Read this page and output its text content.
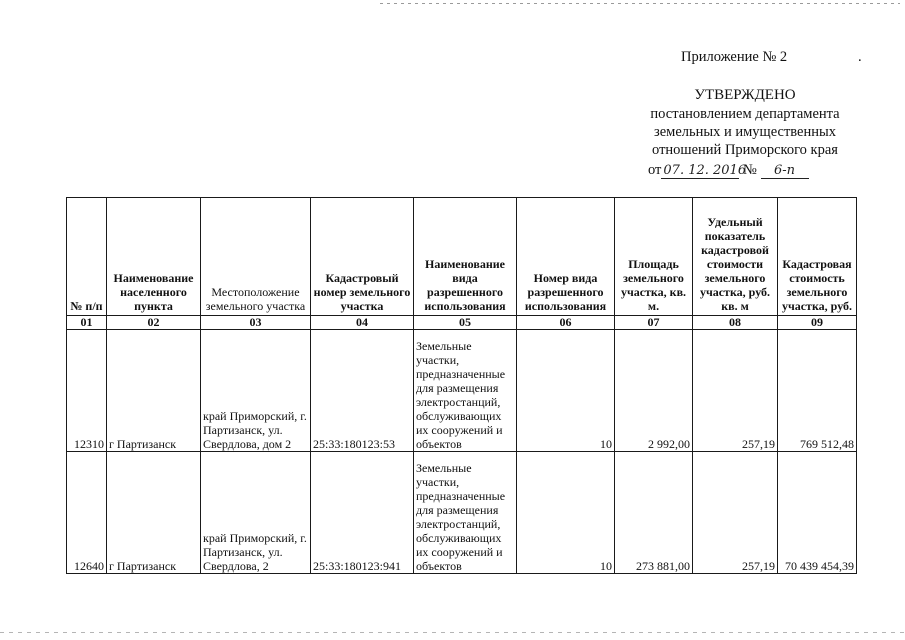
Приложение № 2	.
УТВЕРЖДЕНО
постановлением департамента
земельных и имущественных
отношений Приморского края
от 07. 12. 2016 № 6-п
№ п/п	Наименование населенного пункта	Местоположение земельного участка	Кадастровый номер земельного участка	Наименование вида разрешенного использования	Номер вида разрешенного использования	Площадь земельного участка, кв. м.	Удельный показатель кадастровой стоимости земельного участка, руб. кв. м	Кадастровая стоимость земельного участка, руб.
01	02	03	04	05	06	07	08	09
12310	г Партизанск	край Приморский, г. Партизанск, ул. Свердлова, дом 2	25:33:180123:53	Земельные участки, предназначенные для размещения электростанций, обслуживающих их сооружений и объектов	10	2 992,00	257,19	769 512,48
12640	г Партизанск	край Приморский, г. Партизанск, ул. Свердлова, 2	25:33:180123:941	Земельные участки, предназначенные для размещения электростанций, обслуживающих их сооружений и объектов	10	273 881,00	257,19	70 439 454,39
